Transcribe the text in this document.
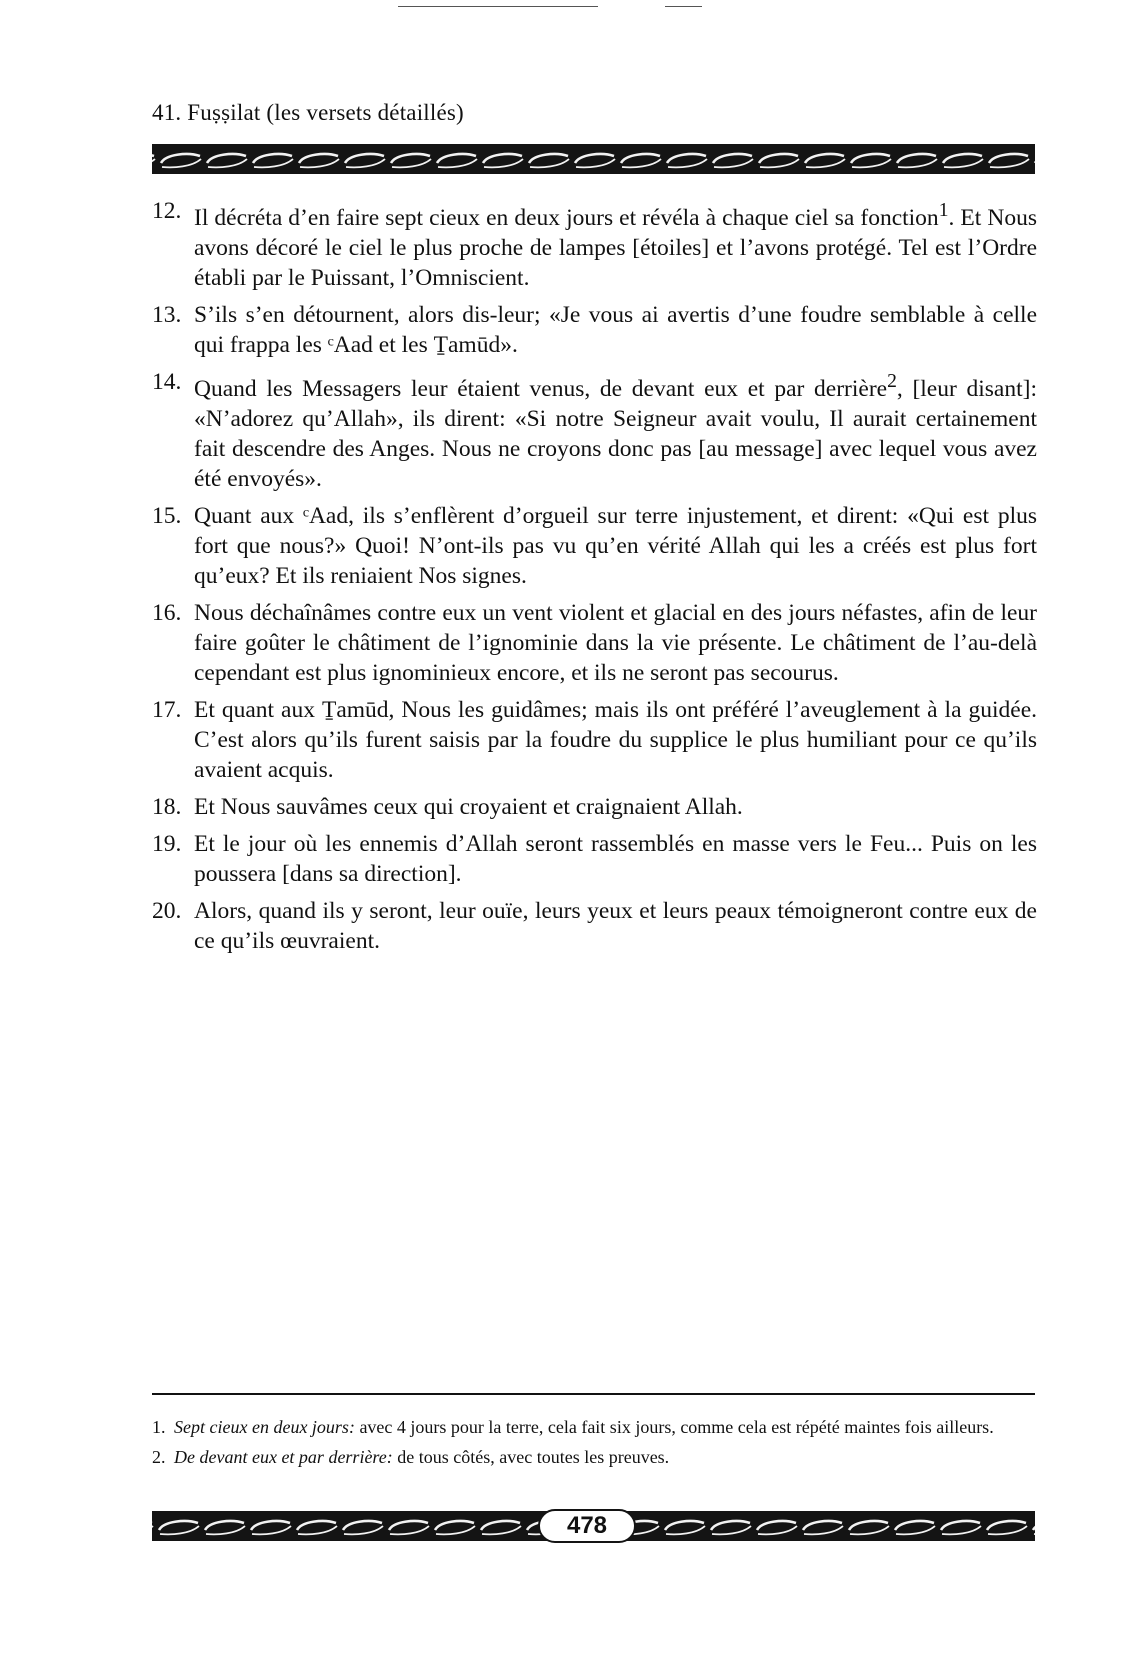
41. Fuṣṣilat (les versets détaillés)
12. Il décréta d’en faire sept cieux en deux jours et révéla à chaque ciel sa fonction$^1$. Et Nous avons décoré le ciel le plus proche de lampes [étoiles] et l’avons protégé. Tel est l’Ordre établi par le Puissant, l’Omniscient.
13. S’ils s’en détournent, alors dis-leur; «Je vous ai avertis d’une foudre semblable à celle qui frappa les ᶜAad et les Ṯamūd».
14. Quand les Messagers leur étaient venus, de devant eux et par derrière$^2$, [leur disant]: «N’adorez qu’Allah», ils dirent: «Si notre Seigneur avait voulu, Il aurait certainement fait descendre des Anges. Nous ne croyons donc pas [au message] avec lequel vous avez été envoyés».
15. Quant aux ᶜAad, ils s’enflèrent d’orgueil sur terre injustement, et dirent: «Qui est plus fort que nous?» Quoi! N’ont-ils pas vu qu’en vérité Allah qui les a créés est plus fort qu’eux? Et ils reniaient Nos signes.
16. Nous déchaînâmes contre eux un vent violent et glacial en des jours néfastes, afin de leur faire goûter le châtiment de l’ignominie dans la vie présente. Le châtiment de l’au-delà cependant est plus ignominieux encore, et ils ne seront pas secourus.
17. Et quant aux Ṯamūd, Nous les guidâmes; mais ils ont préféré l’aveuglement à la guidée. C’est alors qu’ils furent saisis par la foudre du supplice le plus humiliant pour ce qu’ils avaient acquis.
18. Et Nous sauvâmes ceux qui croyaient et craignaient Allah.
19. Et le jour où les ennemis d’Allah seront rassemblés en masse vers le Feu... Puis on les poussera [dans sa direction].
20. Alors, quand ils y seront, leur ouïe, leurs yeux et leurs peaux témoigneront contre eux de ce qu’ils œuvraient.
1. Sept cieux en deux jours: avec 4 jours pour la terre, cela fait six jours, comme cela est répété maintes fois ailleurs.
2. De devant eux et par derrière: de tous côtés, avec toutes les preuves.
478
